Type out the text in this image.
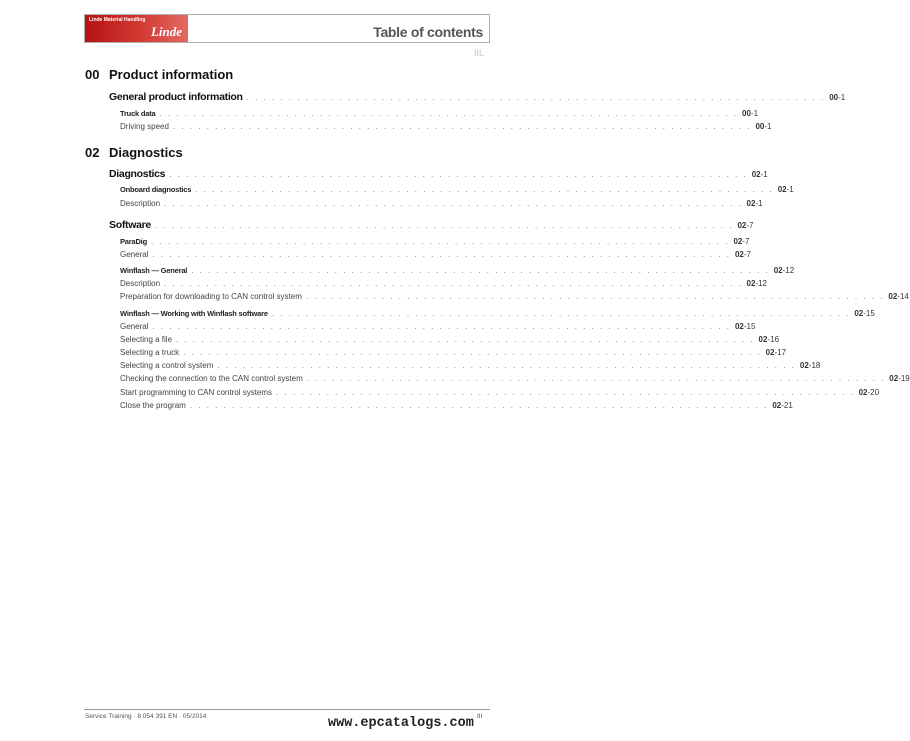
Linde Material Handling
Linde	Table of contents
IIL
00 Product information
General product information . . . . . . . . . . . . . . . . . . . . . . . . . . . . . . . . . . . . . . . . . . . . . . . . . . . . . . . . . . . . . . . . . . . . . 00-1
Truck data . . . . . . . . . . . . . . . . . . . . . . . . . . . . . . . . . . . . . . . . . . . . . . . . . . . . . . . . . . . . . . . . . . . . . 00-1
Driving speed . . . . . . . . . . . . . . . . . . . . . . . . . . . . . . . . . . . . . . . . . . . . . . . . . . . . . . . . . . . . . . . . . . . . . 00-1
02 Diagnostics
Diagnostics . . . . . . . . . . . . . . . . . . . . . . . . . . . . . . . . . . . . . . . . . . . . . . . . . . . . . . . . . . . . . . . . . . . . . 02-1
Onboard diagnostics . . . . . . . . . . . . . . . . . . . . . . . . . . . . . . . . . . . . . . . . . . . . . . . . . . . . . . . . . . . . . . . . . . . . . 02-1
Description . . . . . . . . . . . . . . . . . . . . . . . . . . . . . . . . . . . . . . . . . . . . . . . . . . . . . . . . . . . . . . . . . . . . . 02-1
Software . . . . . . . . . . . . . . . . . . . . . . . . . . . . . . . . . . . . . . . . . . . . . . . . . . . . . . . . . . . . . . . . . . . . . 02-7
ParaDig . . . . . . . . . . . . . . . . . . . . . . . . . . . . . . . . . . . . . . . . . . . . . . . . . . . . . . . . . . . . . . . . . . . . . 02-7
General . . . . . . . . . . . . . . . . . . . . . . . . . . . . . . . . . . . . . . . . . . . . . . . . . . . . . . . . . . . . . . . . . . . . . 02-7
Winflash — General . . . . . . . . . . . . . . . . . . . . . . . . . . . . . . . . . . . . . . . . . . . . . . . . . . . . . . . . . . . . . . . . . . . . . 02-12
Description . . . . . . . . . . . . . . . . . . . . . . . . . . . . . . . . . . . . . . . . . . . . . . . . . . . . . . . . . . . . . . . . . . . . . 02-12
Preparation for downloading to CAN control system . . . . . . . . . . . . . . . . . . . . . . . . . . . . . . . . . . . . . . . . . . . . . . . . . . . . . . . . . . . . . . . . . . . . . 02-14
Winflash — Working with Winflash software . . . . . . . . . . . . . . . . . . . . . . . . . . . . . . . . . . . . . . . . . . . . . . . . . . . . . . . . . . . . . . . . . . . . . 02-15
General . . . . . . . . . . . . . . . . . . . . . . . . . . . . . . . . . . . . . . . . . . . . . . . . . . . . . . . . . . . . . . . . . . . . . 02-15
Selecting a file . . . . . . . . . . . . . . . . . . . . . . . . . . . . . . . . . . . . . . . . . . . . . . . . . . . . . . . . . . . . . . . . . . . . . 02-16
Selecting a truck . . . . . . . . . . . . . . . . . . . . . . . . . . . . . . . . . . . . . . . . . . . . . . . . . . . . . . . . . . . . . . . . . . . . . 02-17
Selecting a control system . . . . . . . . . . . . . . . . . . . . . . . . . . . . . . . . . . . . . . . . . . . . . . . . . . . . . . . . . . . . . . . . . . . . . 02-18
Checking the connection to the CAN control system . . . . . . . . . . . . . . . . . . . . . . . . . . . . . . . . . . . . . . . . . . . . . . . . . . . . . . . . . . . . . . . . . . . . . 02-19
Start programming to CAN control systems . . . . . . . . . . . . . . . . . . . . . . . . . . . . . . . . . . . . . . . . . . . . . . . . . . . . . . . . . . . . . . . . . . . . . 02-20
Close the program . . . . . . . . . . . . . . . . . . . . . . . . . . . . . . . . . . . . . . . . . . . . . . . . . . . . . . . . . . . . . . . . . . . . . 02-21
Service Training · 8 054 391 EN · 05/2014	III
www.epcatalogs.com
